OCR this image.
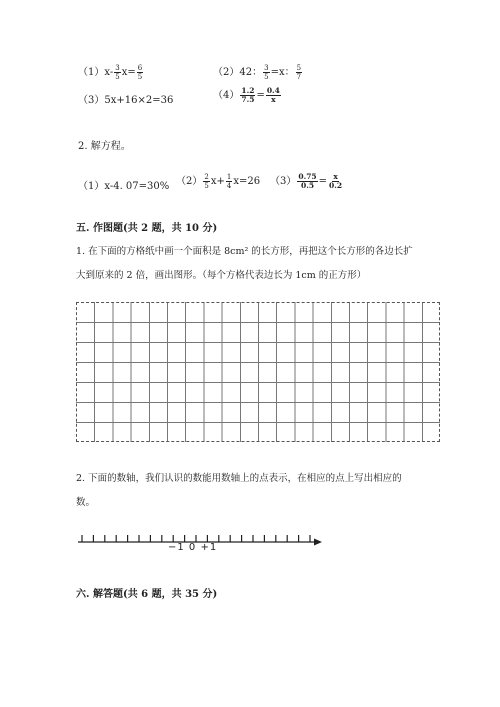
$(1)x- \frac{3}{5} x= \frac{6}{5}$	（2）42： $\frac{3}{5} =x$： $\frac{5}{7}$
（3）5x+16×2=36	$(4) \frac{1.2}{7.5} = \frac{0.4}{x}$
2. 解方程。
（1）x-4. 07=30% $(2) \frac{2}{5} x+ \frac{1}{4} x=26$ $(3) \frac{0.75}{0.5} = \frac{x}{0.2}$
五. 作图题(共 2 题，共 10 分)
1. 在下面的方格纸中画一个面积是 8cm² 的长方形，再把这个长方形的各边长扩
大到原来的 2 倍，画出图形。（每个方格代表边长为 1cm 的正方形）
2. 下面的数轴，我们认识的数能用数轴上的点表示，在相应的点上写出相应的
数。
−1 0 +1
六. 解答题(共 6 题，共 35 分)
